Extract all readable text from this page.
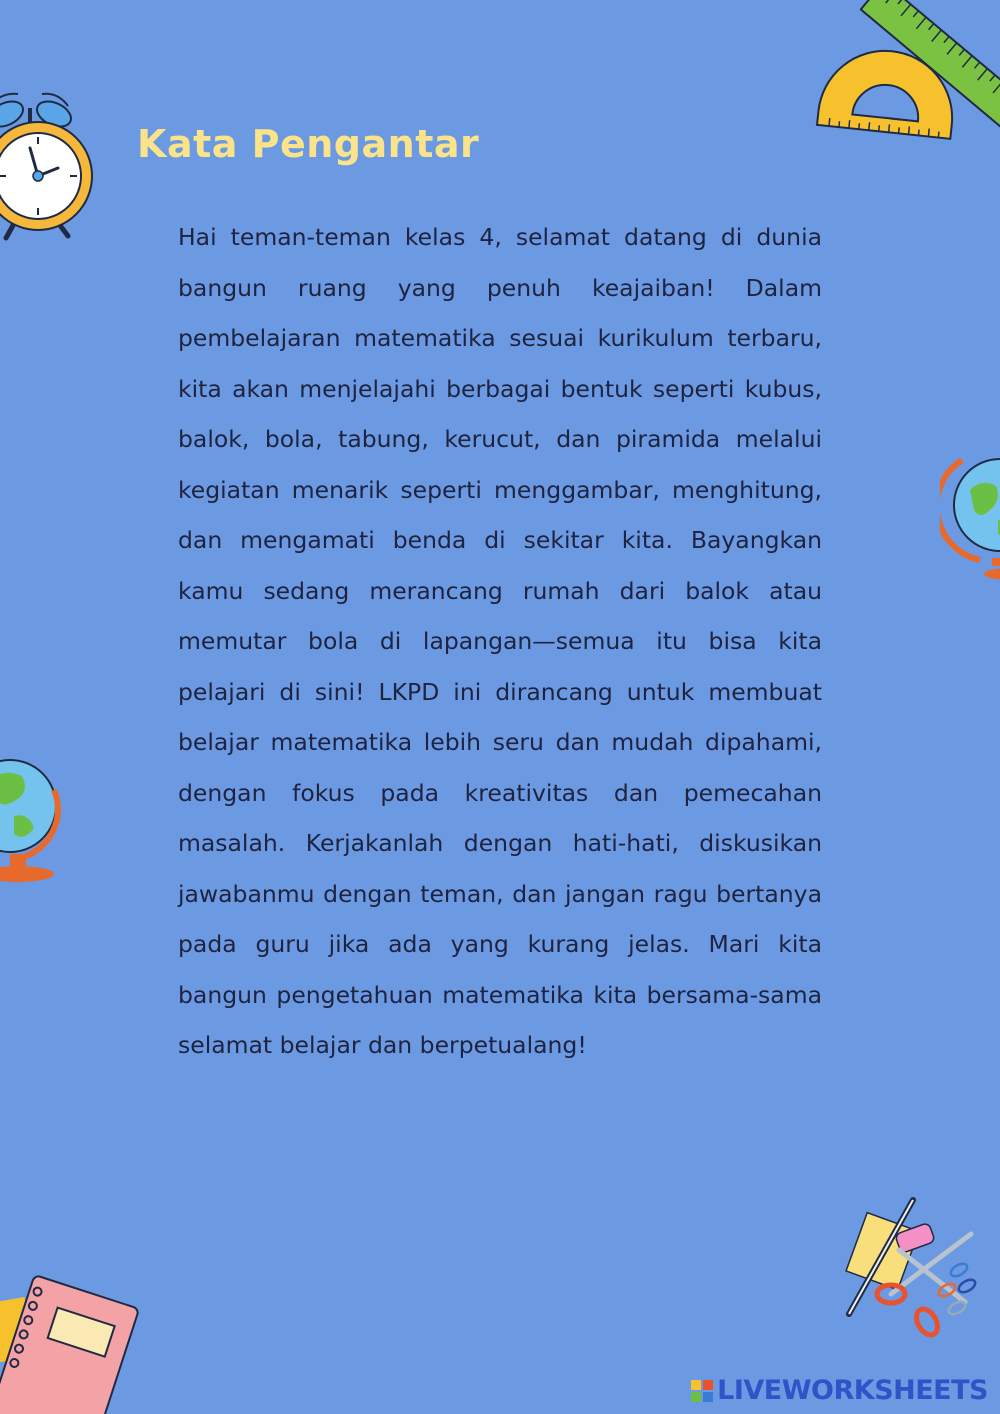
Kata Pengantar

Hai teman-teman kelas 4, selamat datang di dunia bangun ruang yang penuh keajaiban! Dalam pembelajaran matematika sesuai kurikulum terbaru, kita akan menjelajahi berbagai bentuk seperti kubus, balok, bola, tabung, kerucut, dan piramida melalui kegiatan menarik seperti menggambar, menghitung, dan mengamati benda di sekitar kita. Bayangkan kamu sedang merancang rumah dari balok atau memutar bola di lapangan—semua itu bisa kita pelajari di sini! LKPD ini dirancang untuk membuat belajar matematika lebih seru dan mudah dipahami, dengan fokus pada kreativitas dan pemecahan masalah. Kerjakanlah dengan hati-hati, diskusikan jawabanmu dengan teman, dan jangan ragu bertanya pada guru jika ada yang kurang jelas. Mari kita bangun pengetahuan matematika kita bersama-sama selamat belajar dan berpetualang!

LIVEWORKSHEETS
